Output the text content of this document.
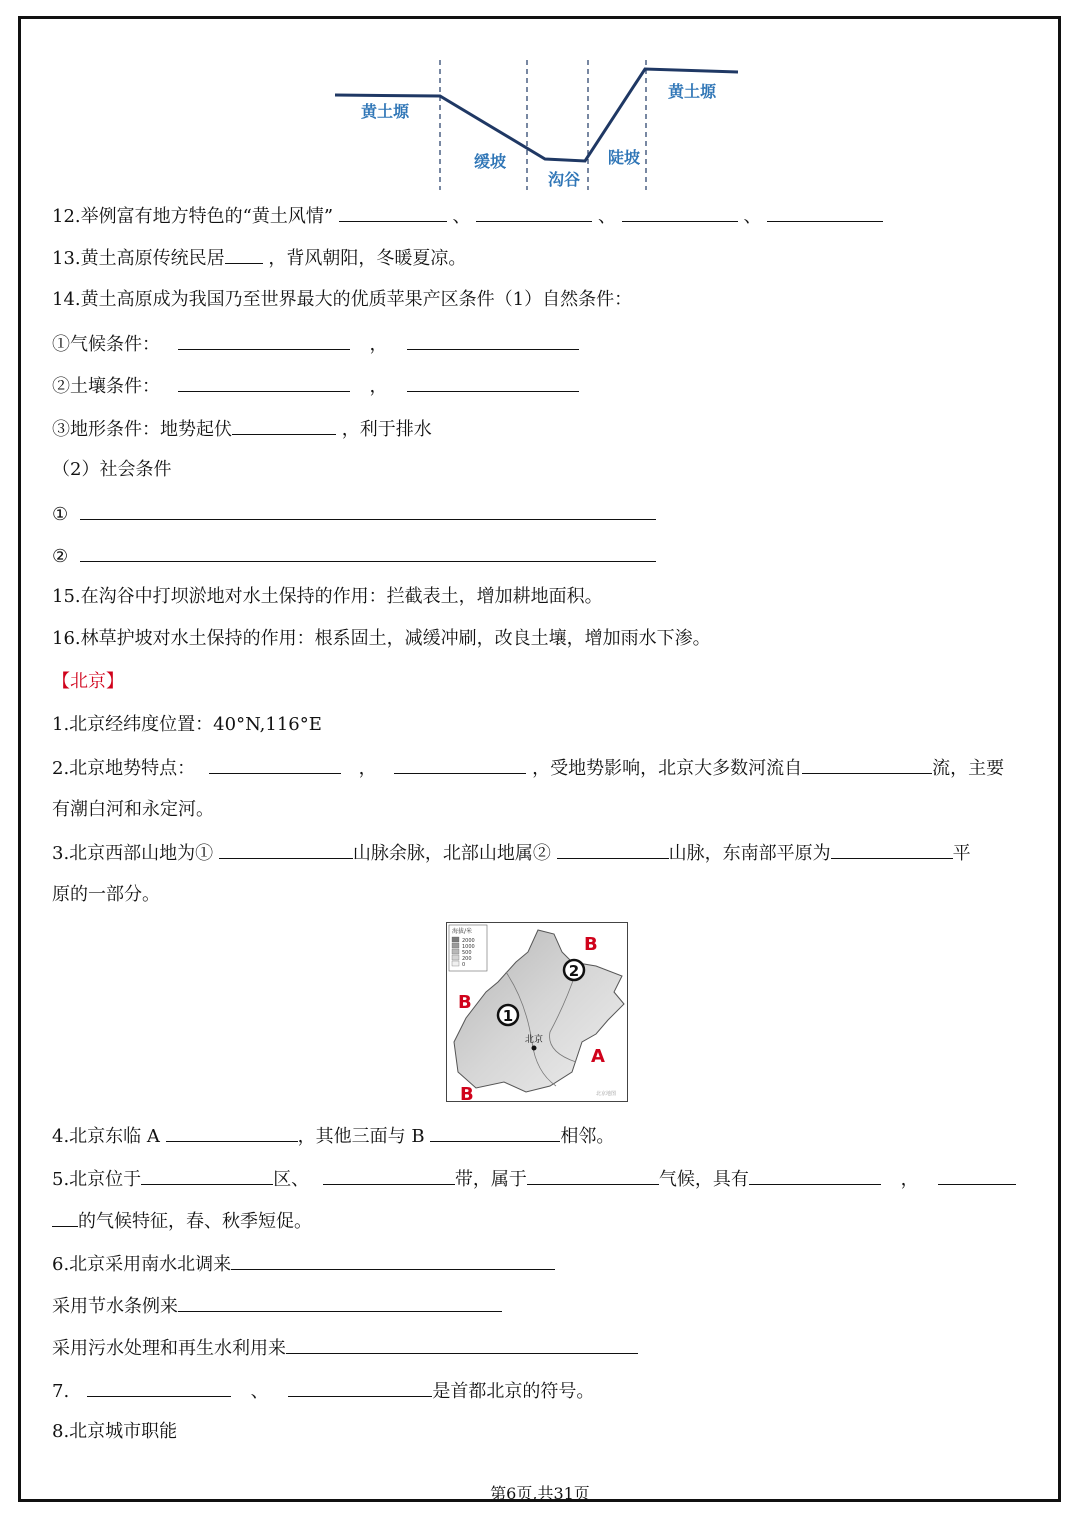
黄土塬
缓坡
沟谷
陡坡
黄土塬
12.举例富有地方特色的“黄土风情”	、	、	、
13.黄土高原传统民居 ，背风朝阳，冬暖夏凉。
14.黄土高原成为我国乃至世界最大的优质苹果产区条件（1）自然条件：
①气候条件：	，
②土壤条件：	，
③地形条件：地势起伏	，利于排水
（2）社会条件
①
②
15.在沟谷中打坝淤地对水土保持的作用：拦截表土，增加耕地面积。
16.林草护坡对水土保持的作用：根系固土，减缓冲刷，改良土壤，增加雨水下渗。
【北京】
1.北京经纬度位置：40°N,116°E
2.北京地势特点：	，	，受地势影响，北京大多数河流自	流，主要
有潮白河和永定河。
3.北京西部山地为①	山脉余脉，北部山地属②	山脉，东南部平原为	平
原的一部分。
海拔/米
2000
1000
500
200
0
B
B
B
A
2
1
北京
北京地图
4.北京东临 A	，其他三面与 B	相邻。
5.北京位于	区、	带，属于	气候，具有	，
的气候特征，春、秋季短促。
6.北京采用南水北调来
采用节水条例来
采用污水处理和再生水利用来
7.	、	是首都北京的符号。
8.北京城市职能
第6页,共31页
